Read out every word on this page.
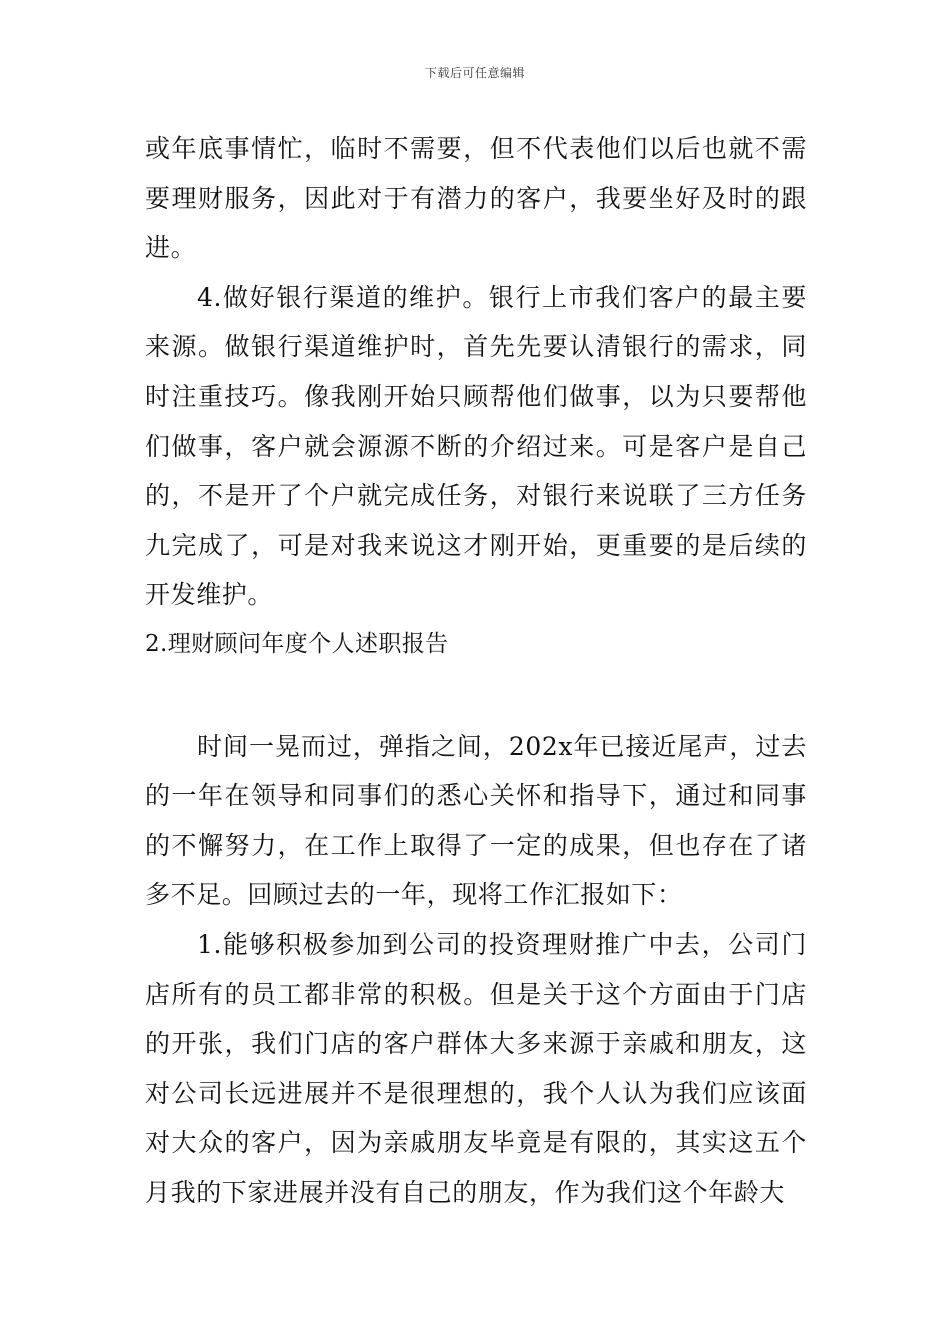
下载后可任意编辑

或年底事情忙，临时不需要，但不代表他们以后也就不需要理财服务，因此对于有潜力的客户，我要坐好及时的跟进。

4.做好银行渠道的维护。银行上市我们客户的最主要来源。做银行渠道维护时，首先先要认清银行的需求，同时注重技巧。像我刚开始只顾帮他们做事，以为只要帮他们做事，客户就会源源不断的介绍过来。可是客户是自己的，不是开了个户就完成任务，对银行来说联了三方任务九完成了，可是对我来说这才刚开始，更重要的是后续的开发维护。

2.理财顾问年度个人述职报告

时间一晃而过，弹指之间，202x年已接近尾声，过去的一年在领导和同事们的悉心关怀和指导下，通过和同事的不懈努力，在工作上取得了一定的成果，但也存在了诸多不足。回顾过去的一年，现将工作汇报如下：

1.能够积极参加到公司的投资理财推广中去，公司门店所有的员工都非常的积极。但是关于这个方面由于门店的开张，我们门店的客户群体大多来源于亲戚和朋友，这对公司长远进展并不是很理想的，我个人认为我们应该面对大众的客户，因为亲戚朋友毕竟是有限的，其实这五个月我的下家进展并没有自己的朋友，作为我们这个年龄大
